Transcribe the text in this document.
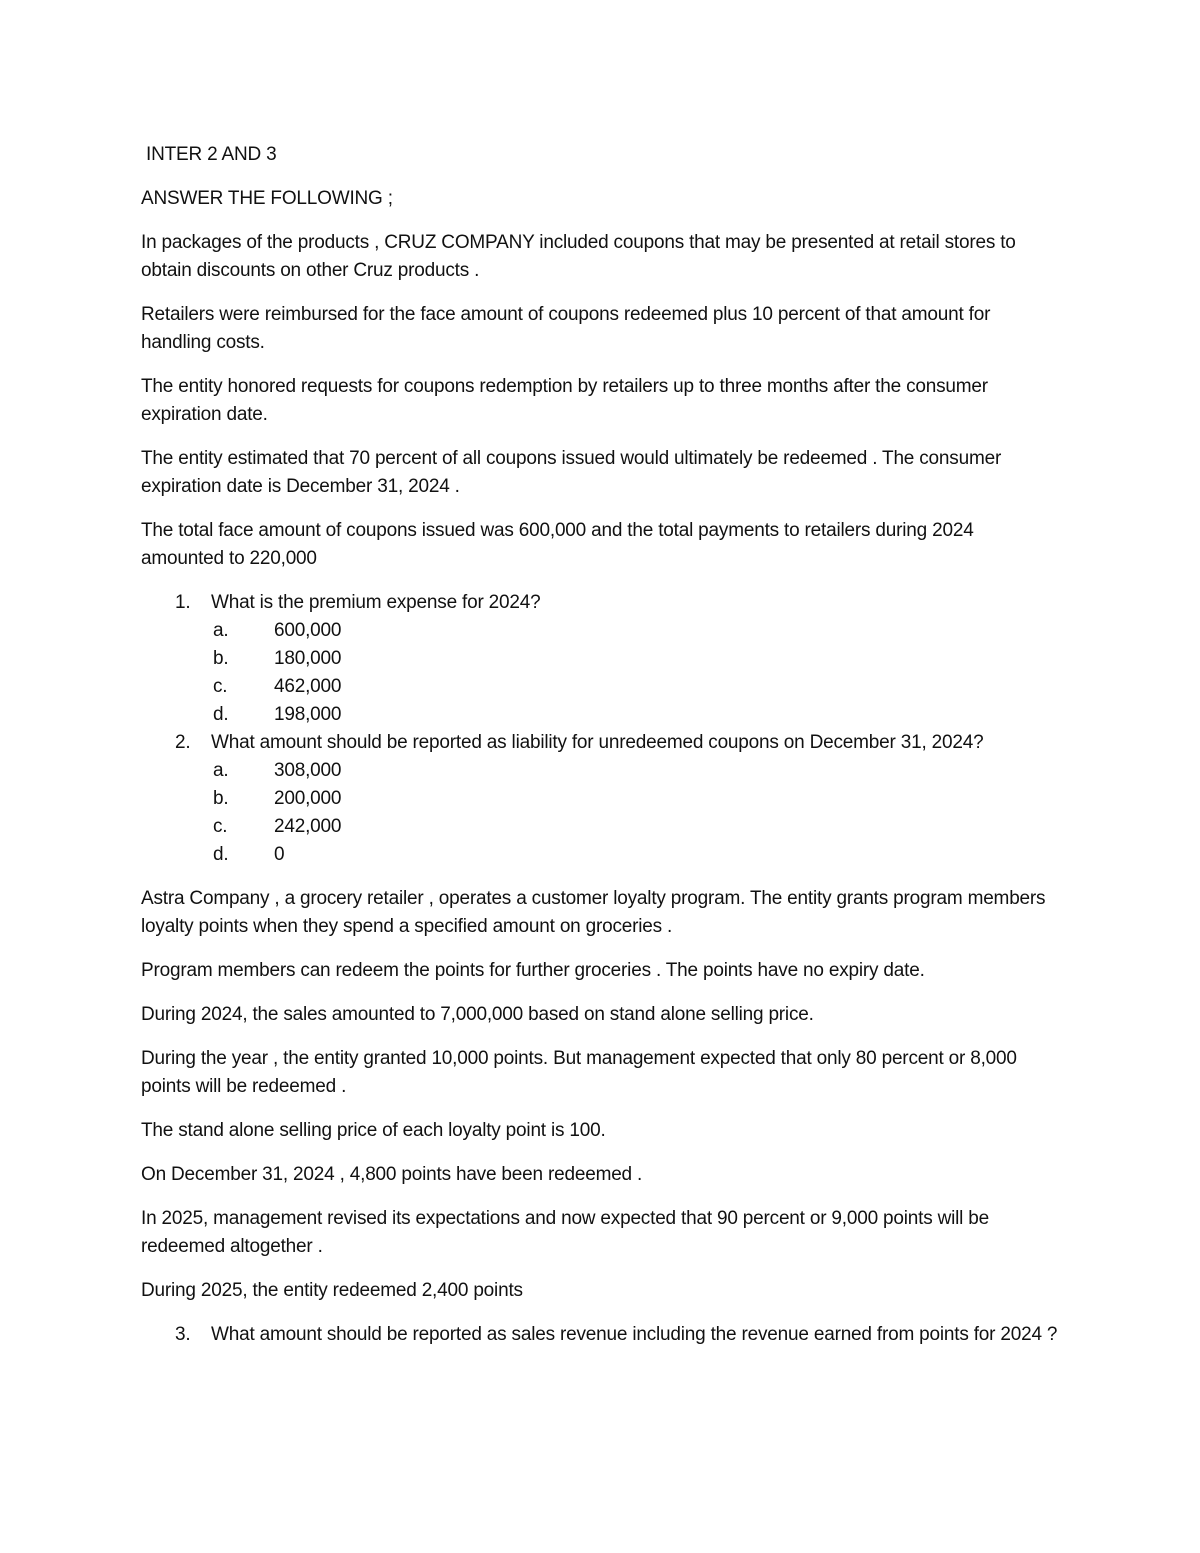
INTER 2 AND 3

ANSWER THE FOLLOWING ;

In packages of the products , CRUZ COMPANY included coupons that may be presented at retail stores to obtain discounts on other Cruz products .

Retailers were reimbursed for the face amount of coupons redeemed plus 10 percent of that amount for handling costs.

The entity honored requests for coupons redemption by retailers up to three months after the consumer expiration date.

The entity estimated that 70 percent of all coupons issued would ultimately be redeemed . The consumer expiration date is December 31, 2024 .

The total face amount of coupons issued was 600,000 and the total payments to retailers during 2024 amounted to 220,000

1. What is the premium expense for 2024?
a. 600,000
b. 180,000
c. 462,000
d. 198,000
2. What amount should be reported as liability for unredeemed coupons on December 31, 2024?
a. 308,000
b. 200,000
c. 242,000
d. 0

Astra Company , a grocery retailer , operates a customer loyalty program. The entity grants program members loyalty points when they spend a specified amount on groceries .

Program members can redeem the points for further groceries . The points have no expiry date.

During 2024, the sales amounted to 7,000,000 based on stand alone selling price.

During the year , the entity granted 10,000 points. But management expected that only 80 percent or 8,000 points will be redeemed .

The stand alone selling price of each loyalty point is 100.

On December 31, 2024 , 4,800 points have been redeemed .

In 2025, management revised its expectations and now expected that 90 percent or 9,000 points will be redeemed altogether .

During 2025, the entity redeemed 2,400 points

3. What amount should be reported as sales revenue including the revenue earned from points for 2024 ?
